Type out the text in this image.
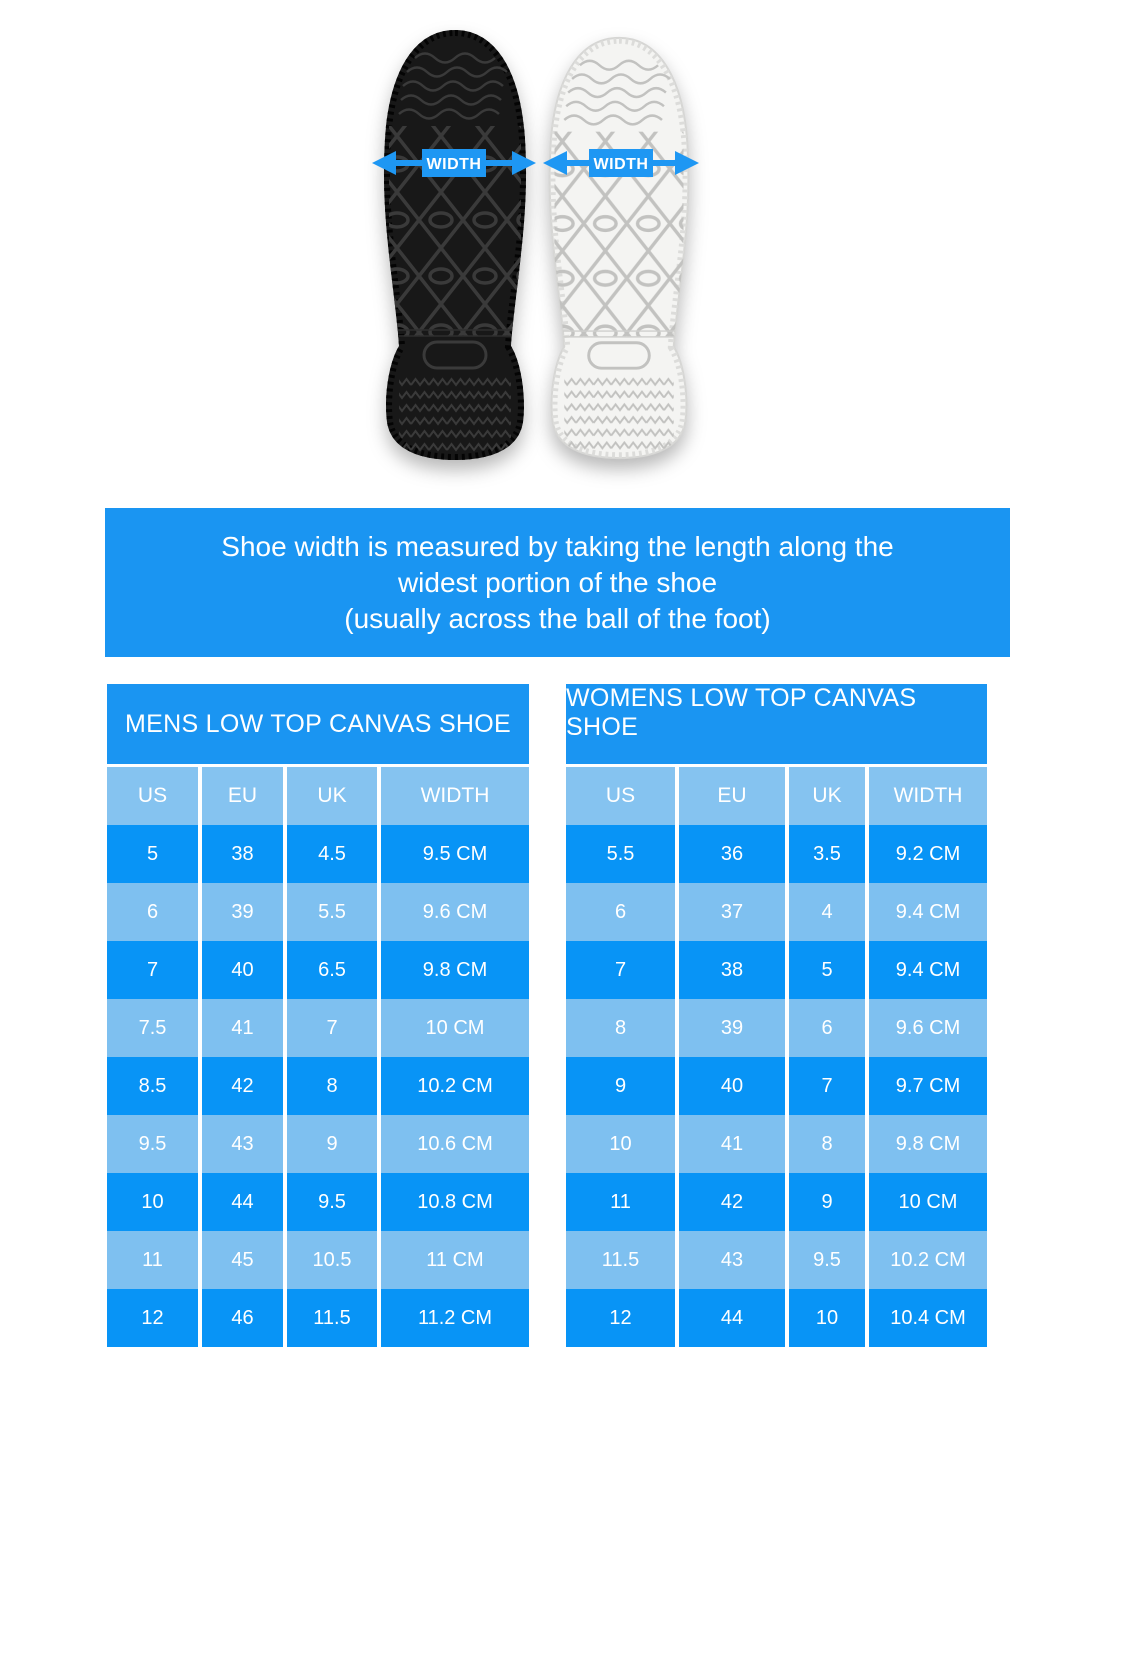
WIDTH	WIDTH
Shoe width is measured by taking the length along the
widest portion of the shoe
(usually across the ball of the foot)
MENS LOW TOP CANVAS SHOE
US	EU	UK	WIDTH
5	38	4.5	9.5 CM
6	39	5.5	9.6 CM
7	40	6.5	9.8 CM
7.5	41	7	10 CM
8.5	42	8	10.2 CM
9.5	43	9	10.6 CM
10	44	9.5	10.8 CM
11	45	10.5	11 CM
12	46	11.5	11.2 CM
WOMENS LOW TOP CANVAS SHOE
US	EU	UK	WIDTH
5.5	36	3.5	9.2 CM
6	37	4	9.4 CM
7	38	5	9.4 CM
8	39	6	9.6 CM
9	40	7	9.7 CM
10	41	8	9.8 CM
11	42	9	10 CM
11.5	43	9.5	10.2 CM
12	44	10	10.4 CM
